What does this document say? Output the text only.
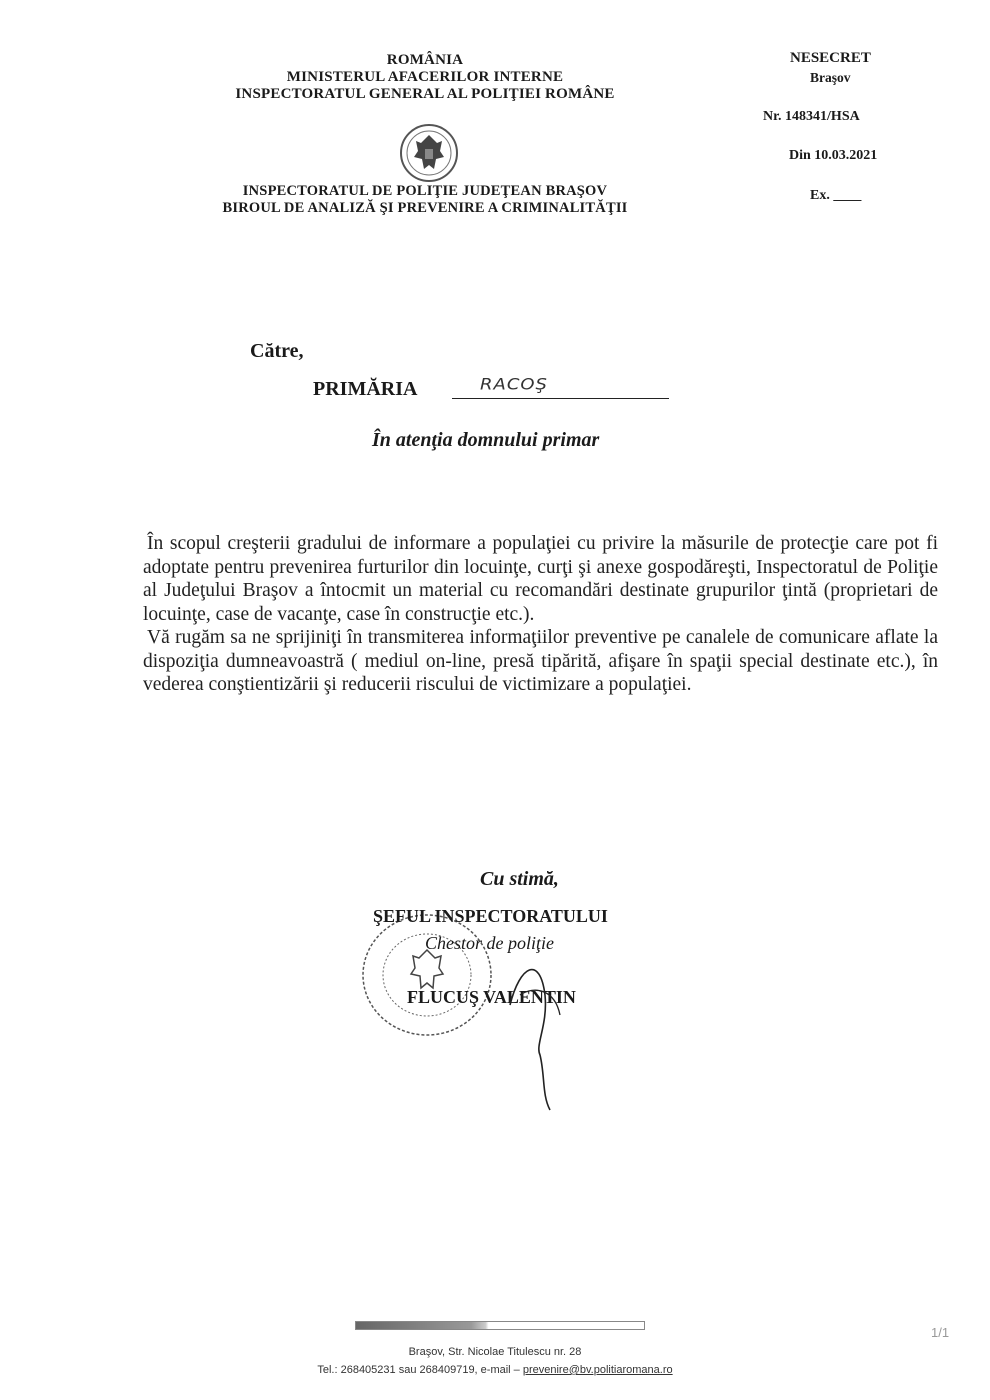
ROMÂNIA
MINISTERUL AFACERILOR INTERNE
INSPECTORATUL GENERAL AL POLIŢIEI ROMÂNE
INSPECTORATUL DE POLIŢIE JUDEŢEAN BRAŞOV
BIROUL DE ANALIZĂ ŞI PREVENIRE A CRIMINALITĂŢII
NESECRET
Braşov
Nr. 148341/HSA
Din 10.03.2021
Ex. ____
Către,
PRIMĂRIA	RACOŞ
În atenţia domnului primar

În scopul creşterii gradului de informare a populaţiei cu privire la măsurile de protecţie care pot fi adoptate pentru prevenirea furturilor din locuinţe, curţi şi anexe gospodăreşti, Inspectoratul de Poliţie al Judeţului Braşov a întocmit un material cu recomandări destinate grupurilor ţintă (proprietari de locuinţe, case de vacanţe, case în construcţie etc.).

Vă rugăm sa ne sprijiniţi în transmiterea informaţiilor preventive pe canalele de comunicare aflate la dispoziţia dumneavoastră ( mediul on-line, presă tipărită, afişare în spaţii special destinate etc.), în vederea conştientizării şi reducerii riscului de victimizare a populaţiei.

Cu stimă,
ŞEFUL INSPECTORATULUI
Chestor de poliţie
FLUCUŞ VALENTIN
1/1
Braşov, Str. Nicolae Titulescu nr. 28
Tel.: 268405231 sau 268409719, e-mail – prevenire@bv.politiaromana.ro
